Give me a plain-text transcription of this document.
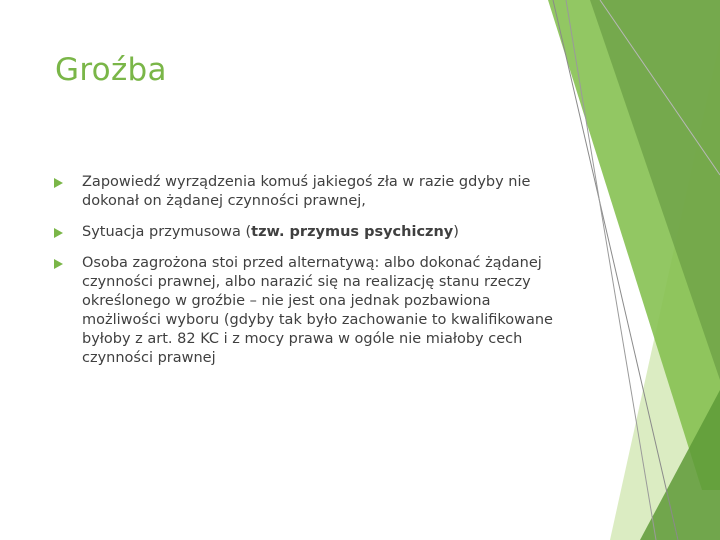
Groźba
Zapowiedź wyrządzenia komuś jakiegoś zła w razie gdyby nie dokonał on żądanej czynności prawnej,
Sytuacja przymusowa (tzw. przymus psychiczny)
Osoba zagrożona stoi przed alternatywą: albo dokonać żądanej czynności prawnej, albo narazić się na realizację stanu rzeczy określonego w groźbie – nie jest ona jednak pozbawiona możliwości wyboru (gdyby tak było zachowanie to kwalifikowane byłoby z art. 82 KC i z mocy prawa w ogóle nie miałoby cech czynności prawnej
